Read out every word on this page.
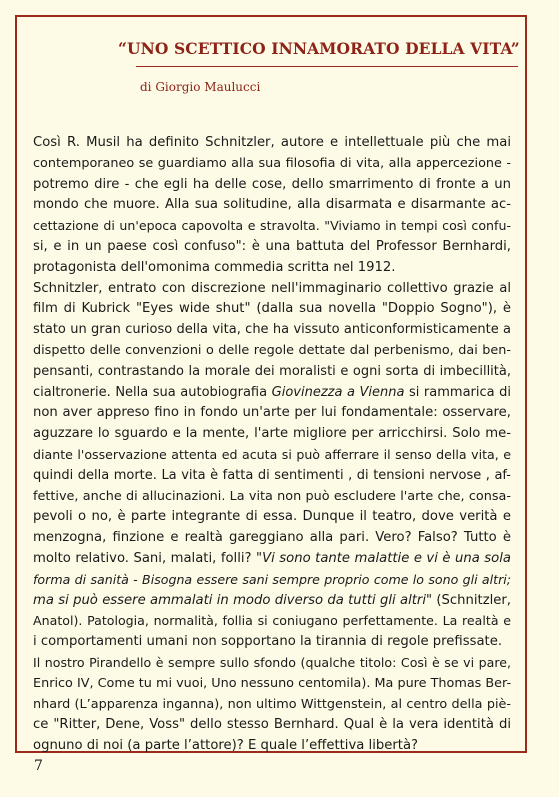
“UNO SCETTICO INNAMORATO DELLA VITA”
di Giorgio Maulucci
Così R. Musil ha definito Schnitzler, autore e intellettuale più che mai
contemporaneo se guardiamo alla sua filosofia di vita, alla appercezione -
potremo dire - che egli ha delle cose, dello smarrimento di fronte a un
mondo che muore. Alla sua solitudine, alla disarmata e disarmante ac-
cettazione di un'epoca capovolta e stravolta. "Viviamo in tempi così confu-
si, e in un paese così confuso": è una battuta del Professor Bernhardi,
protagonista dell'omonima commedia scritta nel 1912.
Schnitzler, entrato con discrezione nell'immaginario collettivo grazie al
film di Kubrick "Eyes wide shut" (dalla sua novella "Doppio Sogno"), è
stato un gran curioso della vita, che ha vissuto anticonformisticamente a
dispetto delle convenzioni o delle regole dettate dal perbenismo, dai ben-
pensanti, contrastando la morale dei moralisti e ogni sorta di imbecillità,
cialtronerie. Nella sua autobiografia Giovinezza a Vienna si rammarica di
non aver appreso fino in fondo un'arte per lui fondamentale: osservare,
aguzzare lo sguardo e la mente, l'arte migliore per arricchirsi. Solo me-
diante l'osservazione attenta ed acuta si può afferrare il senso della vita, e
quindi della morte. La vita è fatta di sentimenti , di tensioni nervose , af-
fettive, anche di allucinazioni. La vita non può escludere l'arte che, consa-
pevoli o no, è parte integrante di essa. Dunque il teatro, dove verità e
menzogna, finzione e realtà gareggiano alla pari. Vero? Falso? Tutto è
molto relativo. Sani, malati, folli? "Vi sono tante malattie e vi è una sola
forma di sanità - Bisogna essere sani sempre proprio come lo sono gli altri;
ma si può essere ammalati in modo diverso da tutti gli altri" (Schnitzler,
Anatol). Patologia, normalità, follia si coniugano perfettamente. La realtà e
i comportamenti umani non sopportano la tirannia di regole prefissate.
Il nostro Pirandello è sempre sullo sfondo (qualche titolo: Così è se vi pare,
Enrico IV, Come tu mi vuoi, Uno nessuno centomila). Ma pure Thomas Ber-
nhard (L’apparenza inganna), non ultimo Wittgenstein, al centro della piè-
ce "Ritter, Dene, Voss" dello stesso Bernhard. Qual è la vera identità di
ognuno di noi (a parte l’attore)? E quale l’effettiva libertà?
7
